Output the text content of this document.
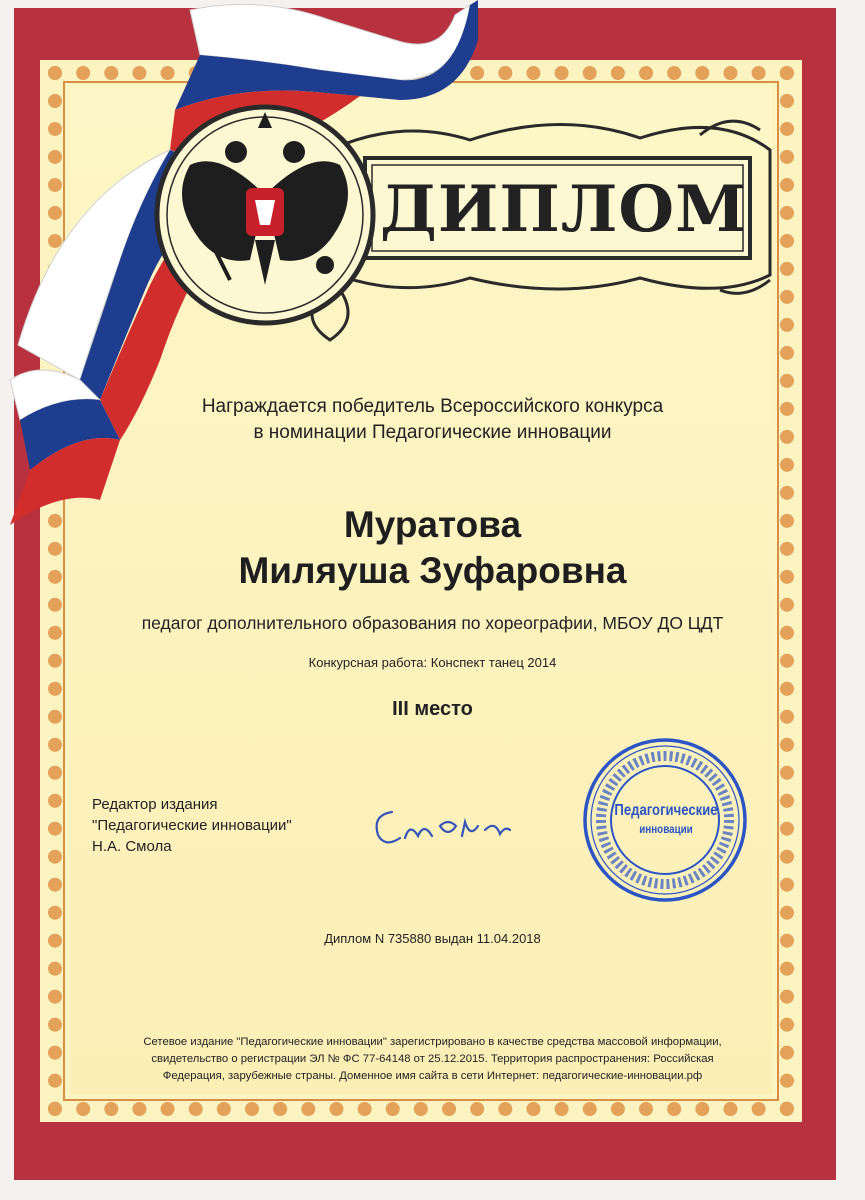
ДИПЛОМ
Награждается победитель Всероссийского конкурса
в номинации Педагогические инновации
Муратова
Миляуша Зуфаровна
педагог дополнительного образования по хореографии, МБОУ ДО ЦДТ
Конкурсная работа: Конспект танец 2014
III место
Редактор издания
"Педагогические инновации"
Н.А. Смола
Педагогические
инновации
Диплом N 735880 выдан 11.04.2018
Сетевое издание "Педагогические инновации" зарегистрировано в качестве средства массовой информации,
свидетельство о регистрации ЭЛ № ФС 77-64148 от 25.12.2015. Территория распространения: Российская
Федерация, зарубежные страны. Доменное имя сайта в сети Интернет: педагогические-инновации.рф
